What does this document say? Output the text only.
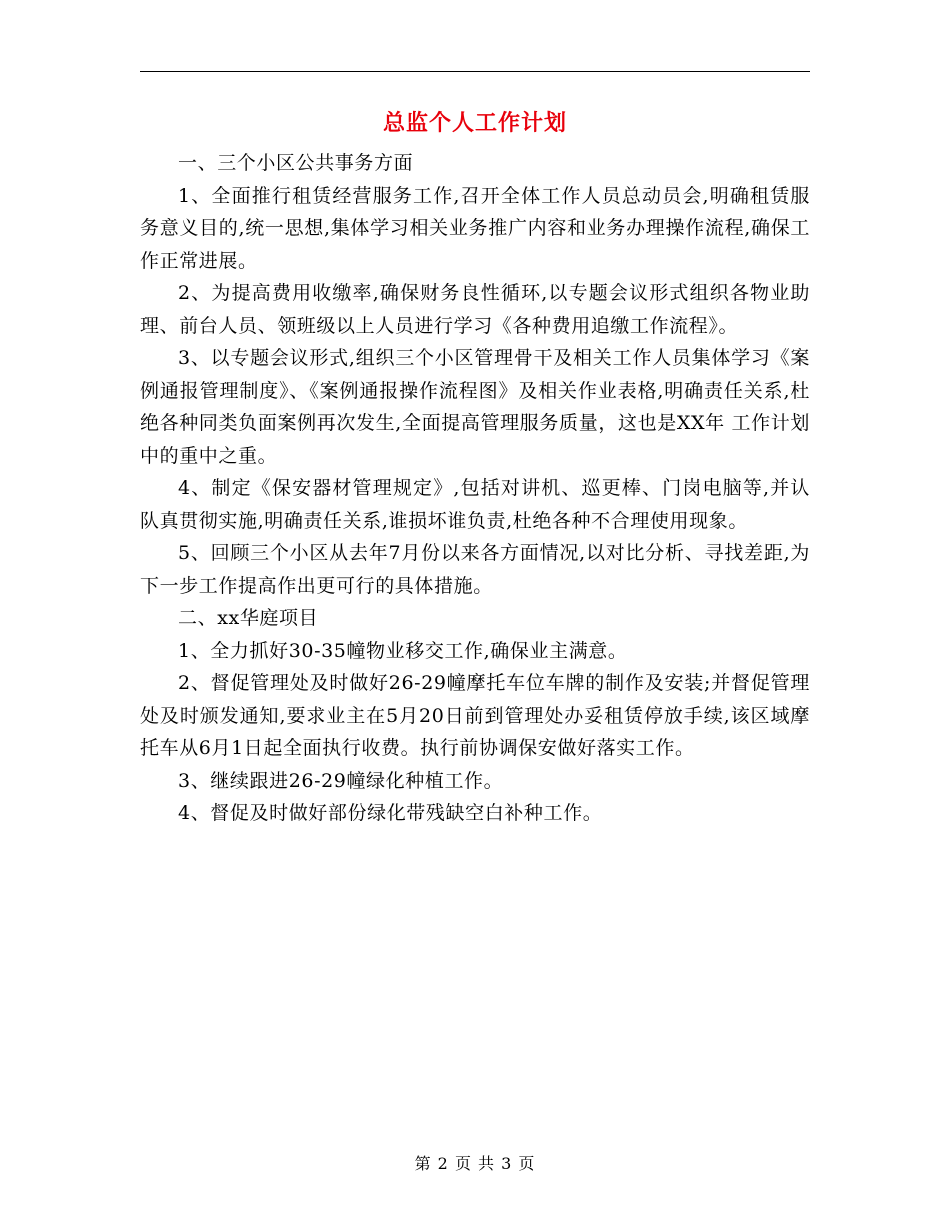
总监个人工作计划

一、三个小区公共事务方面

1、全面推行租赁经营服务工作,召开全体工作人员总动员会,明确租赁服务意义目的,统一思想,集体学习相关业务推广内容和业务办理操作流程,确保工作正常进展。

2、为提高费用收缴率,确保财务良性循环,以专题会议形式组织各物业助理、前台人员、领班级以上人员进行学习《各种费用追缴工作流程》。

3、以专题会议形式,组织三个小区管理骨干及相关工作人员集体学习《案例通报管理制度》、《案例通报操作流程图》及相关作业表格,明确责任关系,杜绝各种同类负面案例再次发生,全面提高管理服务质量，这也是XX年 工作计划 中的重中之重。

4、制定《保安器材管理规定》,包括对讲机、巡更棒、门岗电脑等,并认队真贯彻实施,明确责任关系,谁损坏谁负责,杜绝各种不合理使用现象。

5、回顾三个小区从去年7月份以来各方面情况,以对比分析、寻找差距,为下一步工作提高作出更可行的具体措施。

二、xx华庭项目

1、全力抓好30-35幢物业移交工作,确保业主满意。

2、督促管理处及时做好26-29幢摩托车位车牌的制作及安装;并督促管理处及时颁发通知,要求业主在5月20日前到管理处办妥租赁停放手续,该区域摩托车从6月1日起全面执行收费。执行前协调保安做好落实工作。

3、继续跟进26-29幢绿化种植工作。

4、督促及时做好部份绿化带残缺空白补种工作。

第 2 页 共 3 页
